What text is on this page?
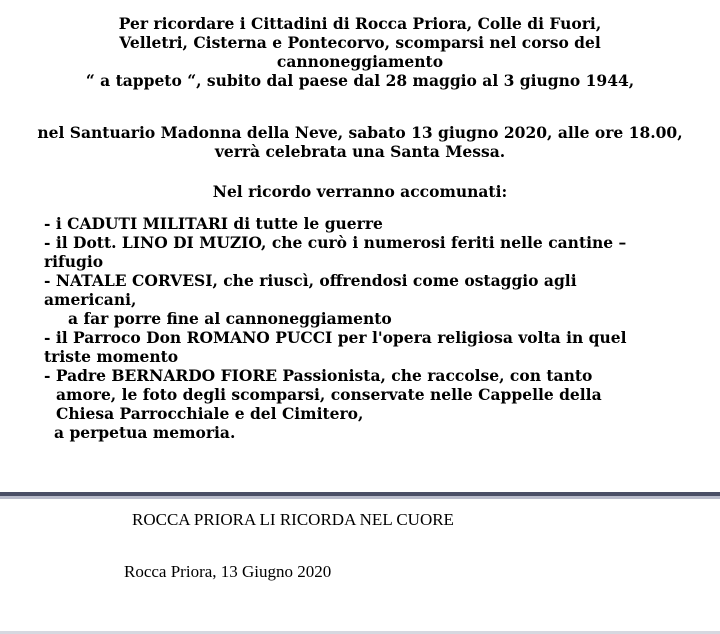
Per ricordare i Cittadini di Rocca Priora, Colle di Fuori,
Velletri, Cisterna e Pontecorvo, scomparsi nel corso del
cannoneggiamento
“ a tappeto “, subito dal paese dal 28 maggio al 3 giugno 1944,
nel Santuario Madonna della Neve, sabato 13 giugno 2020, alle ore 18.00,
verrà celebrata una Santa Messa.
Nel ricordo verranno accomunati:
- i CADUTI MILITARI di tutte le guerre
- il Dott. LINO DI MUZIO, che curò i numerosi feriti nelle cantine –
rifugio
- NATALE CORVESI, che riuscì, offrendosi come ostaggio agli
americani,
a far porre fine al cannoneggiamento
- il Parroco Don ROMANO PUCCI per l'opera religiosa volta in quel
triste momento
- Padre BERNARDO FIORE Passionista, che raccolse, con tanto
amore, le foto degli scomparsi, conservate nelle Cappelle della
Chiesa Parrocchiale e del Cimitero,
a perpetua memoria.
ROCCA PRIORA LI RICORDA NEL CUORE
Rocca Priora, 13 Giugno 2020
